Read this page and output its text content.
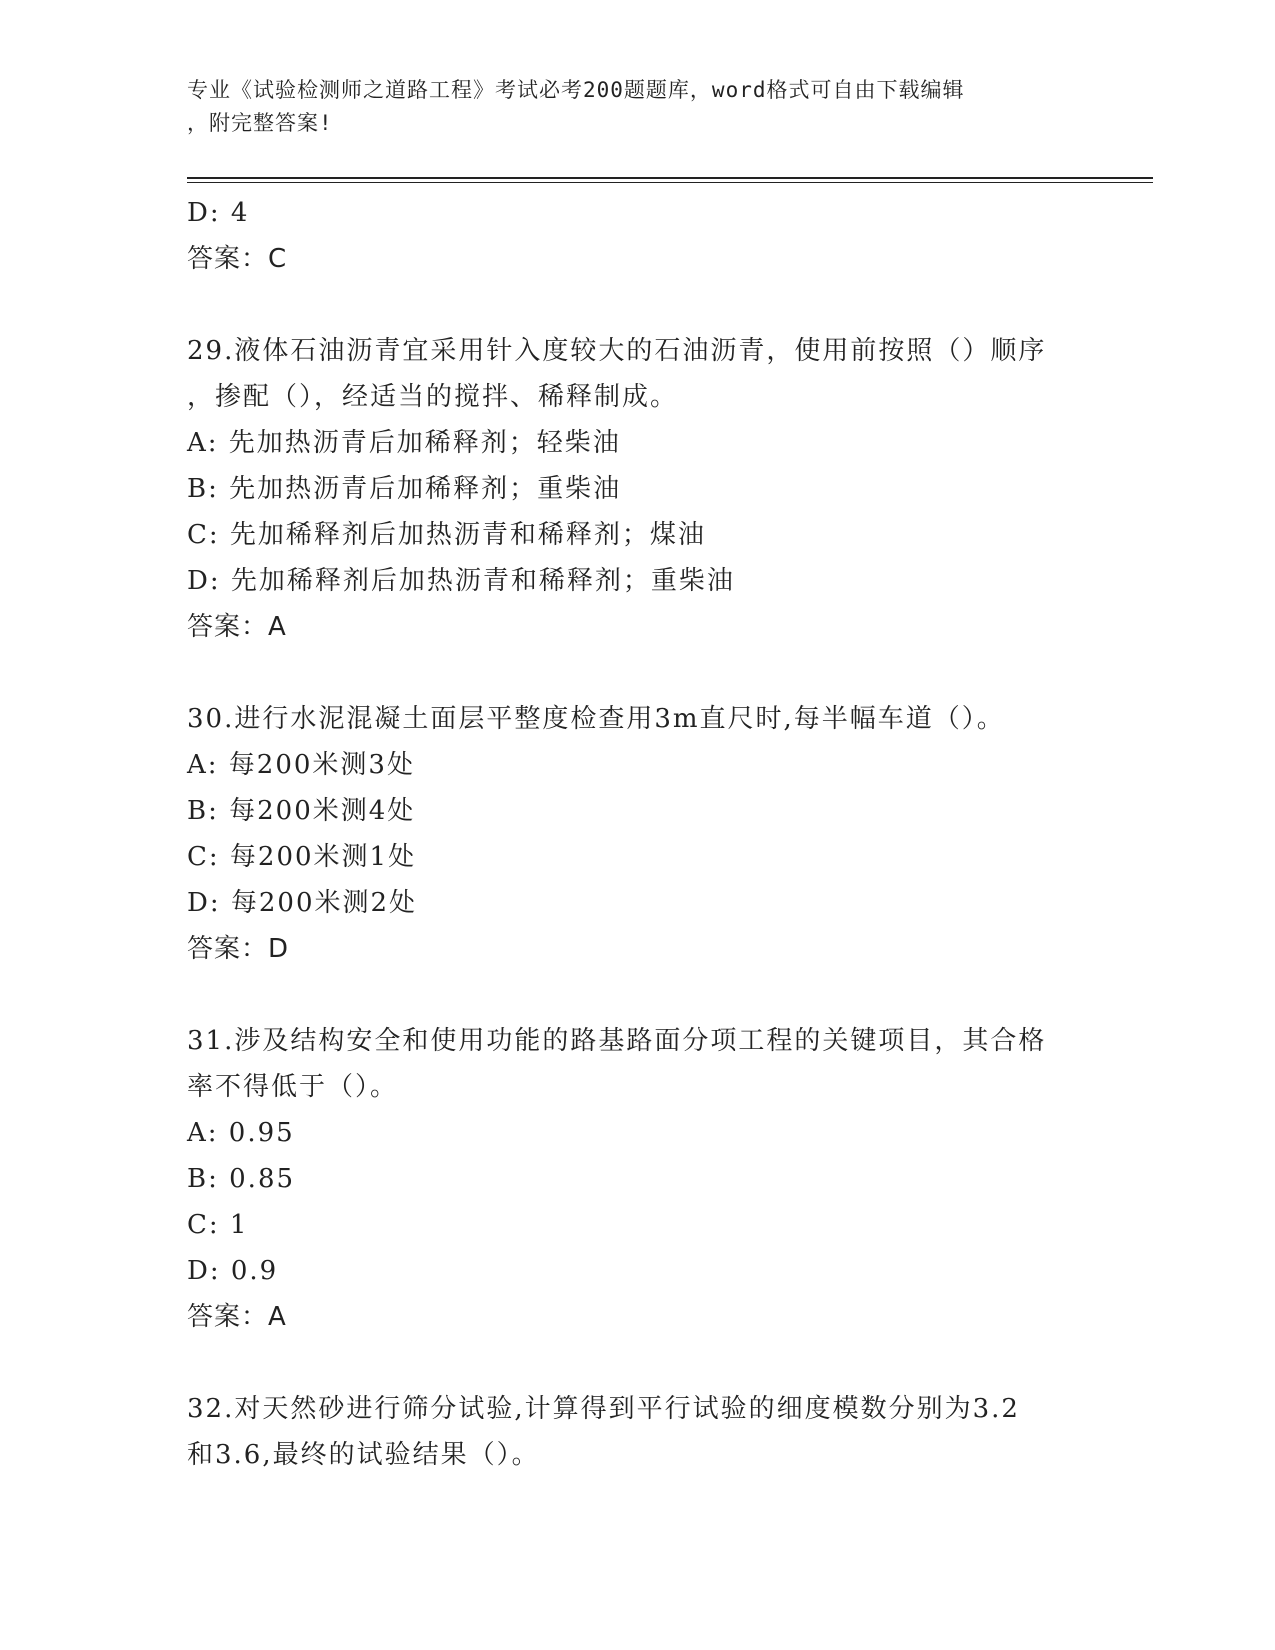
专业《试验检测师之道路工程》考试必考200题题库，word格式可自由下载编辑
，附完整答案!
D: 4
答案：C
29.液体石油沥青宜采用针入度较大的石油沥青，使用前按照（）顺序
，掺配（），经适当的搅拌、稀释制成。
A: 先加热沥青后加稀释剂；轻柴油
B: 先加热沥青后加稀释剂；重柴油
C: 先加稀释剂后加热沥青和稀释剂；煤油
D: 先加稀释剂后加热沥青和稀释剂；重柴油
答案：A
30.进行水泥混凝土面层平整度检查用3m直尺时,每半幅车道（）。
A: 每200米测3处
B: 每200米测4处
C: 每200米测1处
D: 每200米测2处
答案：D
31.涉及结构安全和使用功能的路基路面分项工程的关键项目，其合格
率不得低于（）。
A: 0.95
B: 0.85
C: 1
D: 0.9
答案：A
32.对天然砂进行筛分试验,计算得到平行试验的细度模数分别为3.2
和3.6,最终的试验结果（）。
